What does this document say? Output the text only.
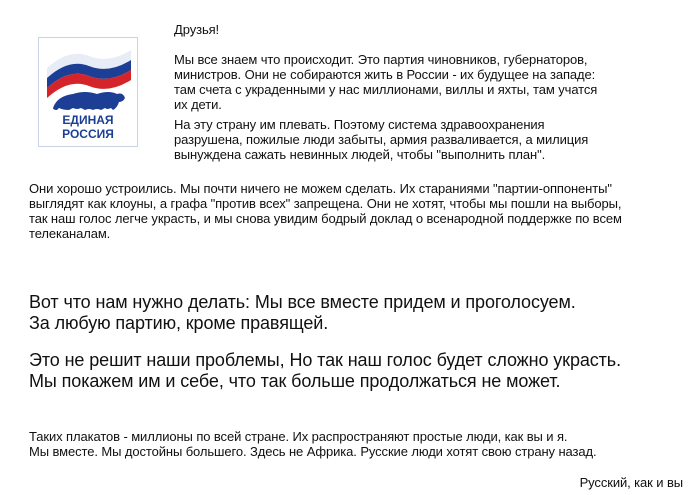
ЕДИНАЯ
РОССИЯ

Друзья!

Мы все знаем что происходит. Это партия чиновников, губернаторов,
министров. Они не собираются жить в России - их будущее на западе:
там счета с украденными у нас миллионами, виллы и яхты, там учатся
их дети.

На эту страну им плевать. Поэтому система здравоохранения
разрушена, пожилые люди забыты, армия разваливается, а милиция
вынуждена сажать невинных людей, чтобы "выполнить план".

Они хорошо устроились. Мы почти ничего не можем сделать. Их стараниями "партии-оппоненты"
выглядят как клоуны, а графа "против всех" запрещена. Они не хотят, чтобы мы пошли на выборы,
так наш голос легче украсть, и мы снова увидим бодрый доклад о всенародной поддержке по всем
телеканалам.

Вот что нам нужно делать: Мы все вместе придем и проголосуем.
За любую партию, кроме правящей.

Это не решит наши проблемы, Но так наш голос будет сложно украсть.
Мы покажем им и себе, что так больше продолжаться не может.

Таких плакатов - миллионы по всей стране. Их распространяют простые люди, как вы и я.
Мы вместе. Мы достойны большего. Здесь не Африка. Русские люди хотят свою страну назад.

Русский, как и вы
